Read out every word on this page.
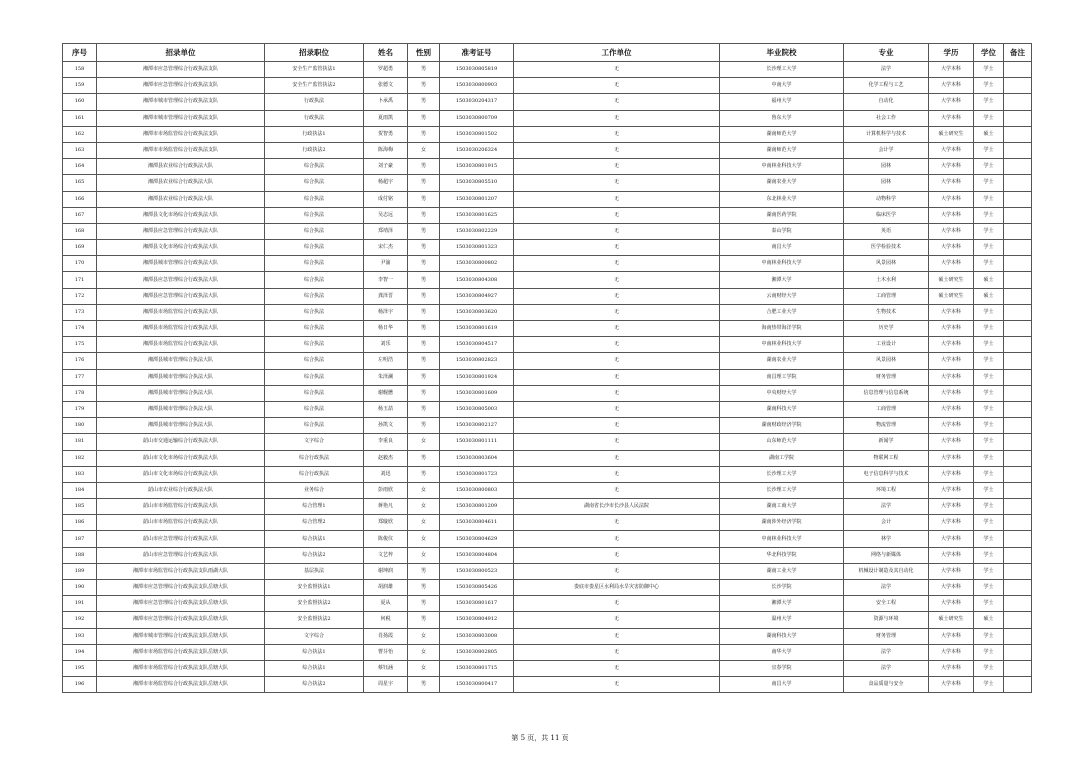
序号	招录单位	招录职位	姓名	性别	准考证号	工作单位	毕业院校	专业	学历	学位	备注
158	湘潭市应急管理综合行政执法支队	安全生产监管执法1	罗超勇	男	1503030805819	无	长沙理工大学	法学	大学本科	学士	
159	湘潭市应急管理综合行政执法支队	安全生产监管执法2	张德文	男	1503030800903	无	中南大学	化学工程与工艺	大学本科	学士	
160	湘潭市城市管理综合行政执法支队	行政执法	卜承禹	男	1503030204317	无	福州大学	自动化	大学本科	学士	
161	湘潭市城市管理综合行政执法支队	行政执法	夏雨凯	男	1503030800709	无	鲁东大学	社会工作	大学本科	学士	
162	湘潭市市场监管综合行政执法支队	行政执法1	贺智勇	男	1503030801502	无	湖南师范大学	计算机科学与技术	硕士研究生	硕士	
163	湘潭市市场监管综合行政执法支队	行政执法2	陈海梅	女	1503030206324	无	湖南师范大学	会计学	大学本科	学士	
164	湘潭县农业综合行政执法大队	综合执法	刘子豪	男	1503030801915	无	中南林业科技大学	园林	大学本科	学士	
165	湘潭县农业综合行政执法大队	综合执法	杨超宇	男	1503030805510	无	湖南农业大学	园林	大学本科	学士	
166	湘潭县农业综合行政执法大队	综合执法	成付铭	男	1503030801207	无	东北林业大学	动物科学	大学本科	学士	
167	湘潭县文化市场综合行政执法大队	综合执法	吴志远	男	1503030801625	无	湖南医药学院	临床医学	大学本科	学士	
168	湘潭县应急管理综合行政执法大队	综合执法	郑靖泽	男	1503030802229	无	泰山学院	英语	大学本科	学士	
169	湘潭县文化市场综合行政执法大队	综合执法	宋仁杰	男	1503030801323	无	南昌大学	医学检验技术	大学本科	学士	
170	湘潭县城市管理综合行政执法大队	综合执法	尹渝	男	1503030800802	无	中南林业科技大学	风景园林	大学本科	学士	
171	湘潭县应急管理综合行政执法大队	综合执法	李智一	男	1503030804308	无	湘潭大学	土木水利	硕士研究生	硕士	
172	湘潭县应急管理综合行政执法大队	综合执法	龚泽晋	男	1503030804927	无	云南财经大学	工商管理	硕士研究生	硕士	
173	湘潭县市场监管综合行政执法大队	综合执法	杨泽宇	男	1503030803620	无	合肥工业大学	生物技术	大学本科	学士	
174	湘潭县市场监管综合行政执法大队	综合执法	杨日华	男	1503030801619	无	海南热带海洋学院	历史学	大学本科	学士	
175	湘潭县市场监管综合行政执法大队	综合执法	刘乐	男	1503030804517	无	中南林业科技大学	工业设计	大学本科	学士	
176	湘潭县城市管理综合执法大队	综合执法	左明浩	男	1503030802823	无	湖南农业大学	风景园林	大学本科	学士	
177	湘潭县城市管理综合执法大队	综合执法	朱泽澜	男	1503030801924	无	南昌理工学院	财务管理	大学本科	学士	
178	湘潭县城市管理综合执法大队	综合执法	谢舰懋	男	1503030801609	无	中央财经大学	信息管理与信息系统	大学本科	学士	
179	湘潭县城市管理综合执法大队	综合执法	杨玉喆	男	1503030805003	无	湖南科技大学	工商管理	大学本科	学士	
180	湘潭县城市管理综合执法大队	综合执法	孙凯文	男	1503030802127	无	湖南财政经济学院	物流管理	大学本科	学士	
181	韶山市交通运输综合行政执法大队	文字综合	李重良	女	1503030801111	无	山东师范大学	新闻学	大学本科	学士	
182	韶山市文化市场综合行政执法大队	综合行政执法	赵毅杰	男	1503030803604	无	湖南工学院	物联网工程	大学本科	学士	
183	韶山市文化市场综合行政执法大队	综合行政执法	刘迅	男	1503030801723	无	长沙理工大学	电子信息科学与技术	大学本科	学士	
184	韶山市农业综合行政执法大队	业务综合	彭雨欣	女	1503030800803	无	长沙理工大学	环境工程	大学本科	学士	
185	韶山市市场监管综合行政执法大队	综合管理1	蒋艳凡	女	1503030801209	湖南省长沙市长沙县人民法院	湖南工商大学	法学	大学本科	学士	
186	韶山市市场监管综合行政执法大队	综合管理2	郑璇欣	女	1503030804611	无	湖南涉外经济学院	会计	大学本科	学士	
187	韶山市应急管理综合行政执法大队	综合执法1	陈俊仪	女	1503030804629	无	中南林业科技大学	林学	大学本科	学士	
188	韶山市应急管理综合行政执法大队	综合执法2	文艺梓	女	1503030804804	无	华北科技学院	网络与新媒体	大学本科	学士	
189	湘潭市市场监管综合行政执法支队雨湖大队	基层执法	谢坤润	男	1503030800523	无	湖南工业大学	机械设计制造及其自动化	大学本科	学士	
190	湘潭市应急管理综合行政执法支队岳塘大队	安全监督执法1	胡润雄	男	1503030805426	娄底市娄星区水利局水旱灾害防御中心	长沙学院	法学	大学本科	学士	
191	湘潭市应急管理综合行政执法支队岳塘大队	安全监督执法2	夏从	男	1503030801617	无	湘潭大学	安全工程	大学本科	学士	
192	湘潭市应急管理综合行政执法支队岳塘大队	安全监督执法2	何税	男	1503030804912	无	温州大学	资源与环境	硕士研究生	硕士	
193	湘潭市城市管理综合行政执法支队岳塘大队	文字综合	肖扬霞	女	1503030803008	无	湖南科技大学	财务管理	大学本科	学士	
194	湘潭市市场监管综合行政执法支队岳塘大队	综合执法1	曹芬怡	女	1503030802805	无	南华大学	法学	大学本科	学士	
195	湘潭市市场监管综合行政执法支队岳塘大队	综合执法1	蔡钰涵	女	1503030801715	无	宜春学院	法学	大学本科	学士	
196	湘潭市市场监管综合行政执法支队岳塘大队	综合执法2	周星宇	男	1503030800417	无	南昌大学	食品质量与安全	大学本科	学士	
第 5 页，共 11 页
